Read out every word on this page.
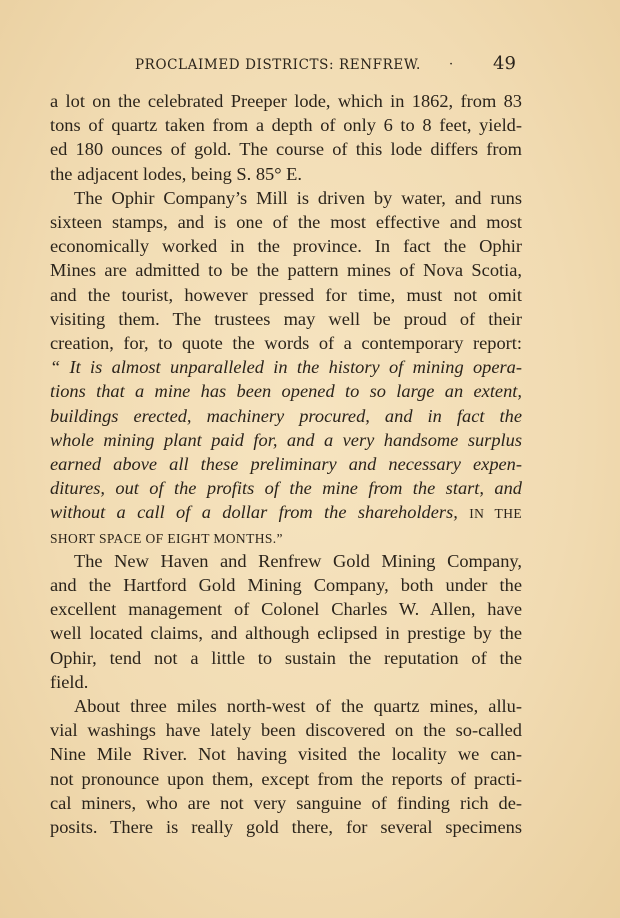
PROCLAIMED DISTRICTS: RENFREW. · 49
a lot on the celebrated Preeper lode, which in 1862, from 83
tons of quartz taken from a depth of only 6 to 8 feet, yield-
ed 180 ounces of gold. The course of this lode differs from
the adjacent lodes, being S. 85° E.
The Ophir Company’s Mill is driven by water, and runs
sixteen stamps, and is one of the most effective and most
economically worked in the province. In fact the Ophir
Mines are admitted to be the pattern mines of Nova Scotia,
and the tourist, however pressed for time, must not omit
visiting them. The trustees may well be proud of their
creation, for, to quote the words of a contemporary report:
“ It is almost unparalleled in the history of mining opera-
tions that a mine has been opened to so large an extent,
buildings erected, machinery procured, and in fact the
whole mining plant paid for, and a very handsome surplus
earned above all these preliminary and necessary expen-
ditures, out of the profits of the mine from the start, and
without a call of a dollar from the shareholders, IN THE
SHORT SPACE OF EIGHT MONTHS.”
The New Haven and Renfrew Gold Mining Company,
and the Hartford Gold Mining Company, both under the
excellent management of Colonel Charles W. Allen, have
well located claims, and although eclipsed in prestige by the
Ophir, tend not a little to sustain the reputation of the
field.
About three miles north-west of the quartz mines, allu-
vial washings have lately been discovered on the so-called
Nine Mile River. Not having visited the locality we can-
not pronounce upon them, except from the reports of practi-
cal miners, who are not very sanguine of finding rich de-
posits. There is really gold there, for several specimens
